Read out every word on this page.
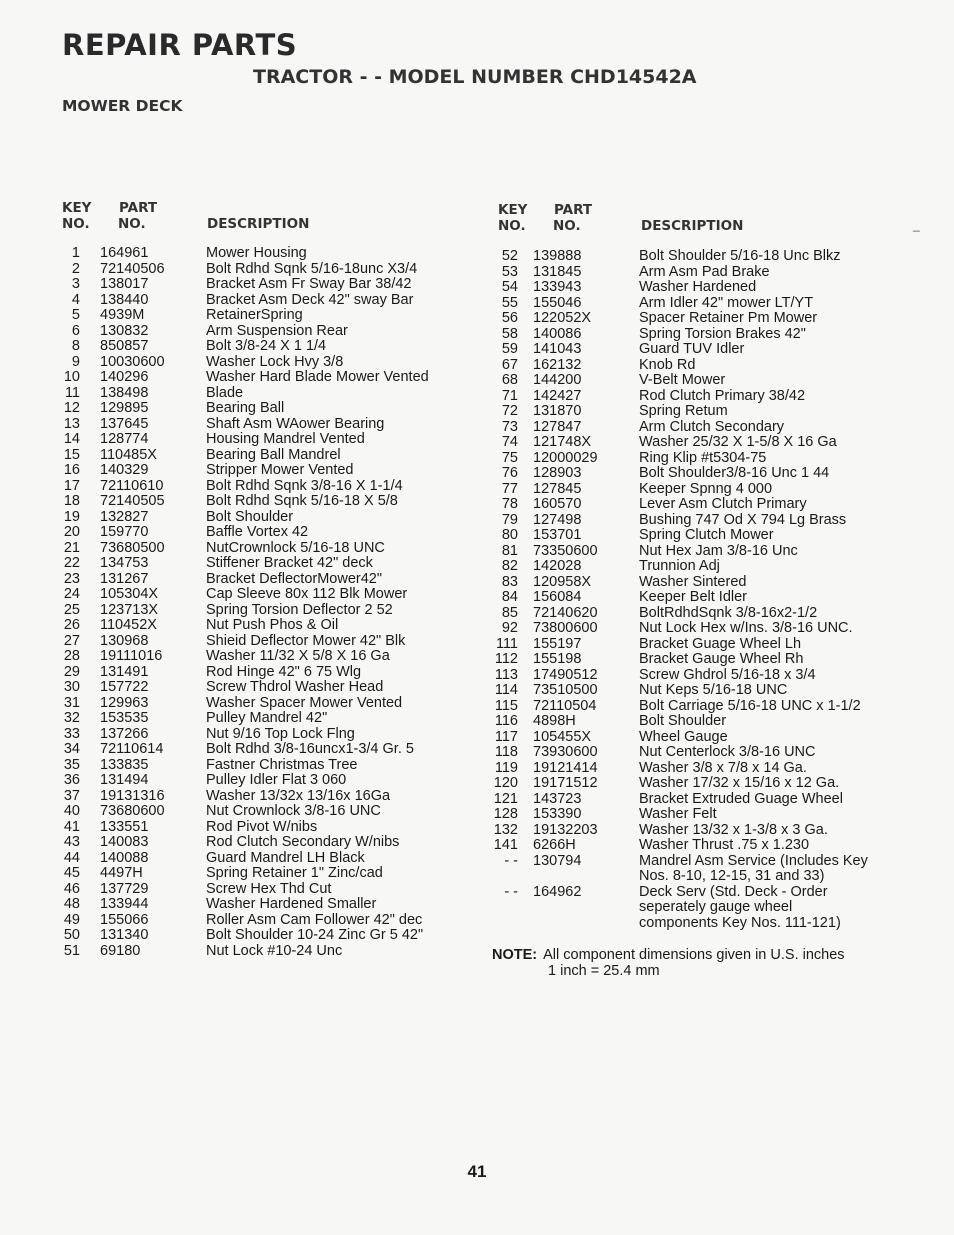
REPAIR PARTS
TRACTOR - - MODEL NUMBER CHD14542A
MOWER DECK
KEY
NO.
PART
NO.	DESCRIPTION
KEY
NO.
PART
NO.	DESCRIPTION	_
1 164961	Mower Housing
2 72140506	Bolt Rdhd Sqnk 5/16-18unc X3/4
3 138017	Bracket Asm Fr Sway Bar 38/42
4 138440	Bracket Asm Deck 42" sway Bar
5 4939M	RetainerSpring
6 130832	Arm Suspension Rear
8 850857	Bolt 3/8-24 X 1 1/4
9 10030600	Washer Lock Hvy 3/8
10 140296	Washer Hard Blade Mower Vented
11 138498	Blade
12 129895	Bearing Ball
13 137645	Shaft Asm WAower Bearing
14 128774	Housing Mandrel Vented
15 110485X	Bearing Ball Mandrel
16 140329	Stripper Mower Vented
17 72110610	Bolt Rdhd Sqnk 3/8-16 X 1-1/4
18 72140505	Bolt Rdhd Sqnk 5/16-18 X 5/8
19 132827	Bolt Shoulder
20 159770	Baffle Vortex 42
21 73680500	NutCrownlock 5/16-18 UNC
22 134753	Stiffener Bracket 42" deck
23 131267	Bracket DeflectorMower42"
24 105304X	Cap Sleeve 80x 112 Blk Mower
25 123713X	Spring Torsion Deflector 2 52
26 110452X	Nut Push Phos & Oil
27 130968	Shieid Deflector Mower 42" Blk
28 19111016	Washer 11/32 X 5/8 X 16 Ga
29 131491	Rod Hinge 42" 6 75 Wlg
30 157722	Screw Thdrol Washer Head
31 129963	Washer Spacer Mower Vented
32 153535	Pulley Mandrel 42"
33 137266	Nut 9/16 Top Lock Flng
34 72110614	Bolt Rdhd 3/8-16uncx1-3/4 Gr. 5
35 133835	Fastner Christmas Tree
36 131494	Pulley Idler Flat 3 060
37 19131316	Washer 13/32x 13/16x 16Ga
40 73680600	Nut Crownlock 3/8-16 UNC
41 133551	Rod Pivot W/nibs
43 140083	Rod Clutch Secondary W/nibs
44 140088	Guard Mandrel LH Black
45 4497H	Spring Retainer 1" Zinc/cad
46 137729	Screw Hex Thd Cut
48 133944	Washer Hardened Smaller
49 155066	Roller Asm Cam Follower 42" dec
50 131340	Bolt Shoulder 10-24 Zinc Gr 5 42"
51 69180	Nut Lock #10-24 Unc
52 139888	Bolt Shoulder 5/16-18 Unc Blkz
53 131845	Arm Asm Pad Brake
54 133943	Washer Hardened
55 155046	Arm Idler 42" mower LT/YT
56 122052X	Spacer Retainer Pm Mower
58 140086	Spring Torsion Brakes 42"
59 141043	Guard TUV Idler
67 162132	Knob Rd
68 144200	V-Belt Mower
71 142427	Rod Clutch Primary 38/42
72 131870	Spring Retum
73 127847	Arm Clutch Secondary
74 121748X	Washer 25/32 X 1-5/8 X 16 Ga
75 12000029	Ring Klip #t5304-75
76 128903	Bolt Shoulder3/8-16 Unc 1 44
77 127845	Keeper Spnng 4 000
78 160570	Lever Asm Clutch Primary
79 127498	Bushing 747 Od X 794 Lg Brass
80 153701	Spring Clutch Mower
81 73350600	Nut Hex Jam 3/8-16 Unc
82 142028	Trunnion Adj
83 120958X	Washer Sintered
84 156084	Keeper Belt Idler
85 72140620	BoltRdhdSqnk 3/8-16x2-1/2
92 73800600	Nut Lock Hex w/Ins. 3/8-16 UNC.
111 155197	Bracket Guage Wheel Lh
112 155198	Bracket Gauge Wheel Rh
113 17490512	Screw Ghdrol 5/16-18 x 3/4
114 73510500	Nut Keps 5/16-18 UNC
115 72110504	Bolt Carriage 5/16-18 UNC x 1-1/2
116 4898H	Bolt Shoulder
117 105455X	Wheel Gauge
118 73930600	Nut Centerlock 3/8-16 UNC
119 19121414	Washer 3/8 x 7/8 x 14 Ga.
120 19171512	Washer 17/32 x 15/16 x 12 Ga.
121 143723	Bracket Extruded Guage Wheel
128 153390	Washer Felt
132 19132203	Washer 13/32 x 1-3/8 x 3 Ga.
141 6266H	Washer Thrust .75 x 1.230
- - 130794	Mandrel Asm Service (Includes Key
Nos. 8-10, 12-15, 31 and 33)
- - 164962	Deck Serv (Std. Deck - Order
seperately gauge wheel
components Key Nos. 111-121)
NOTE: All component dimensions given in U.S. inches
1 inch = 25.4 mm
41
